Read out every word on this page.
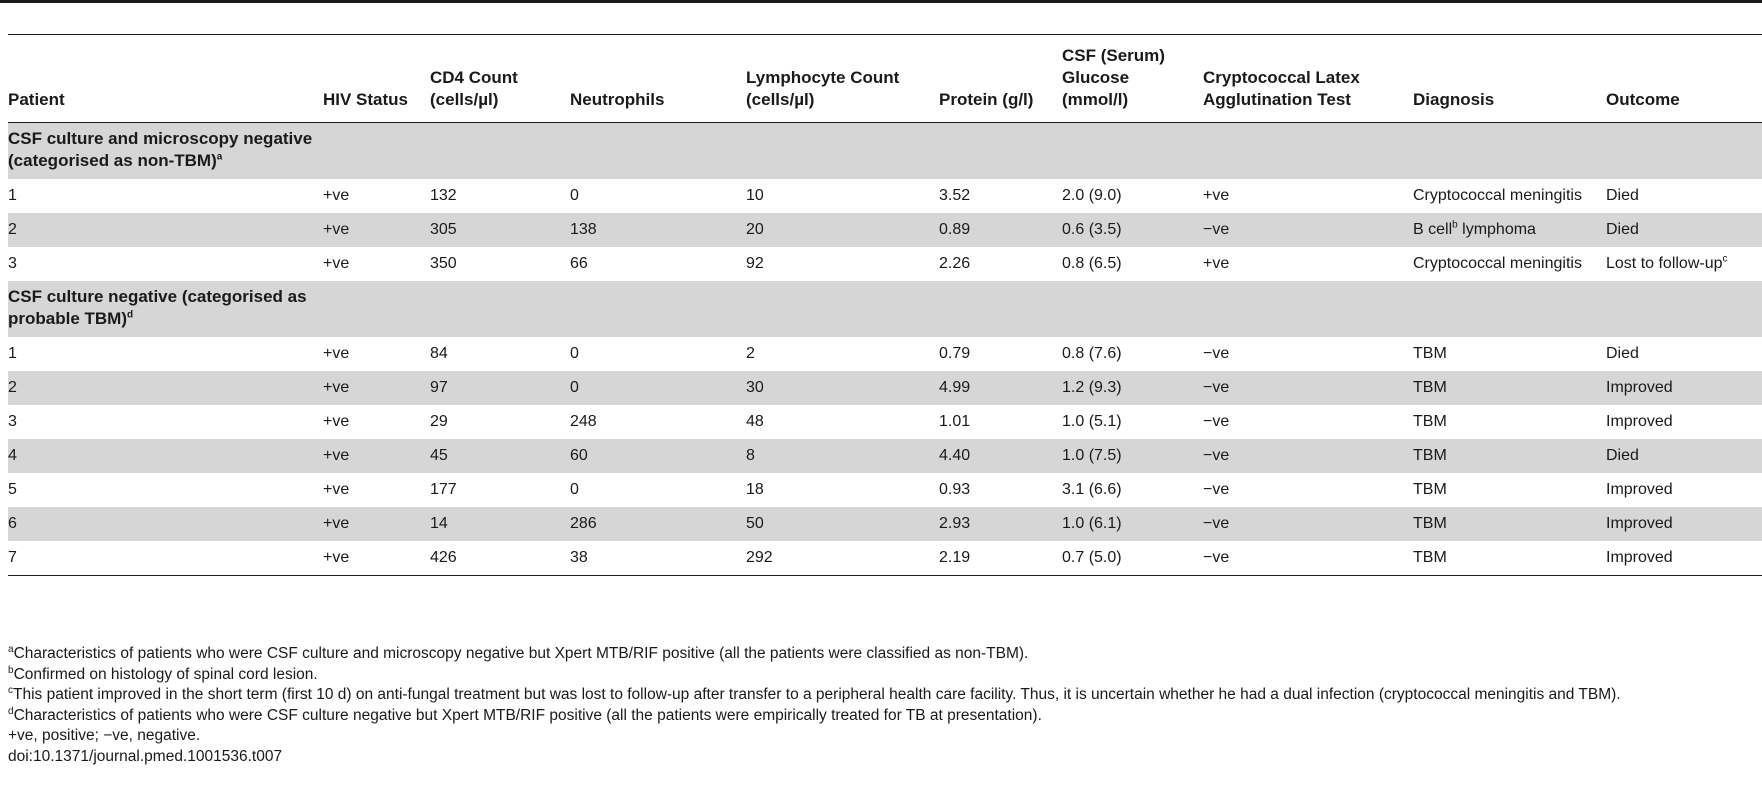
Patient	HIV Status	CD4 Count (cells/µl)	Neutrophils	Lymphocyte Count (cells/µl)	Protein (g/l)	CSF (Serum) Glucose (mmol/l)	Cryptococcal Latex Agglutination Test	Diagnosis	Outcome
CSF culture and microscopy negative (categorised as non-TBM)$^a$									
1	+ve	132	0	10	3.52	2.0 (9.0)	+ve	Cryptococcal meningitis	Died
2	+ve	305	138	20	0.89	0.6 (3.5)	−ve	B cell$^b$ lymphoma	Died
3	+ve	350	66	92	2.26	0.8 (6.5)	+ve	Cryptococcal meningitis	Lost to follow-$up^c$
CSF culture negative (categorised as probable TBM)$^d$									
1	+ve	84	0	2	0.79	0.8 (7.6)	−ve	TBM	Died
2	+ve	97	0	30	4.99	1.2 (9.3)	−ve	TBM	Improved
3	+ve	29	248	48	1.01	1.0 (5.1)	−ve	TBM	Improved
4	+ve	45	60	8	4.40	1.0 (7.5)	−ve	TBM	Died
5	+ve	177	0	18	0.93	3.1 (6.6)	−ve	TBM	Improved
6	+ve	14	286	50	2.93	1.0 (6.1)	−ve	TBM	Improved
7	+ve	426	38	292	2.19	0.7 (5.0)	−ve	TBM	Improved

$^a$Characteristics of patients who were CSF culture and microscopy negative but Xpert MTB/RIF positive (all the patients were classified as non-TBM).

$^b$Confirmed on histology of spinal cord lesion.

$^c$This patient improved in the short term (first 10 d) on anti-fungal treatment but was lost to follow-up after transfer to a peripheral health care facility. Thus, it is uncertain whether he had a dual infection (cryptococcal meningitis and TBM).

$^d$Characteristics of patients who were CSF culture negative but Xpert MTB/RIF positive (all the patients were empirically treated for TB at presentation).

+ve, positive; −ve, negative.

doi:10.1371/journal.pmed.1001536.t007
